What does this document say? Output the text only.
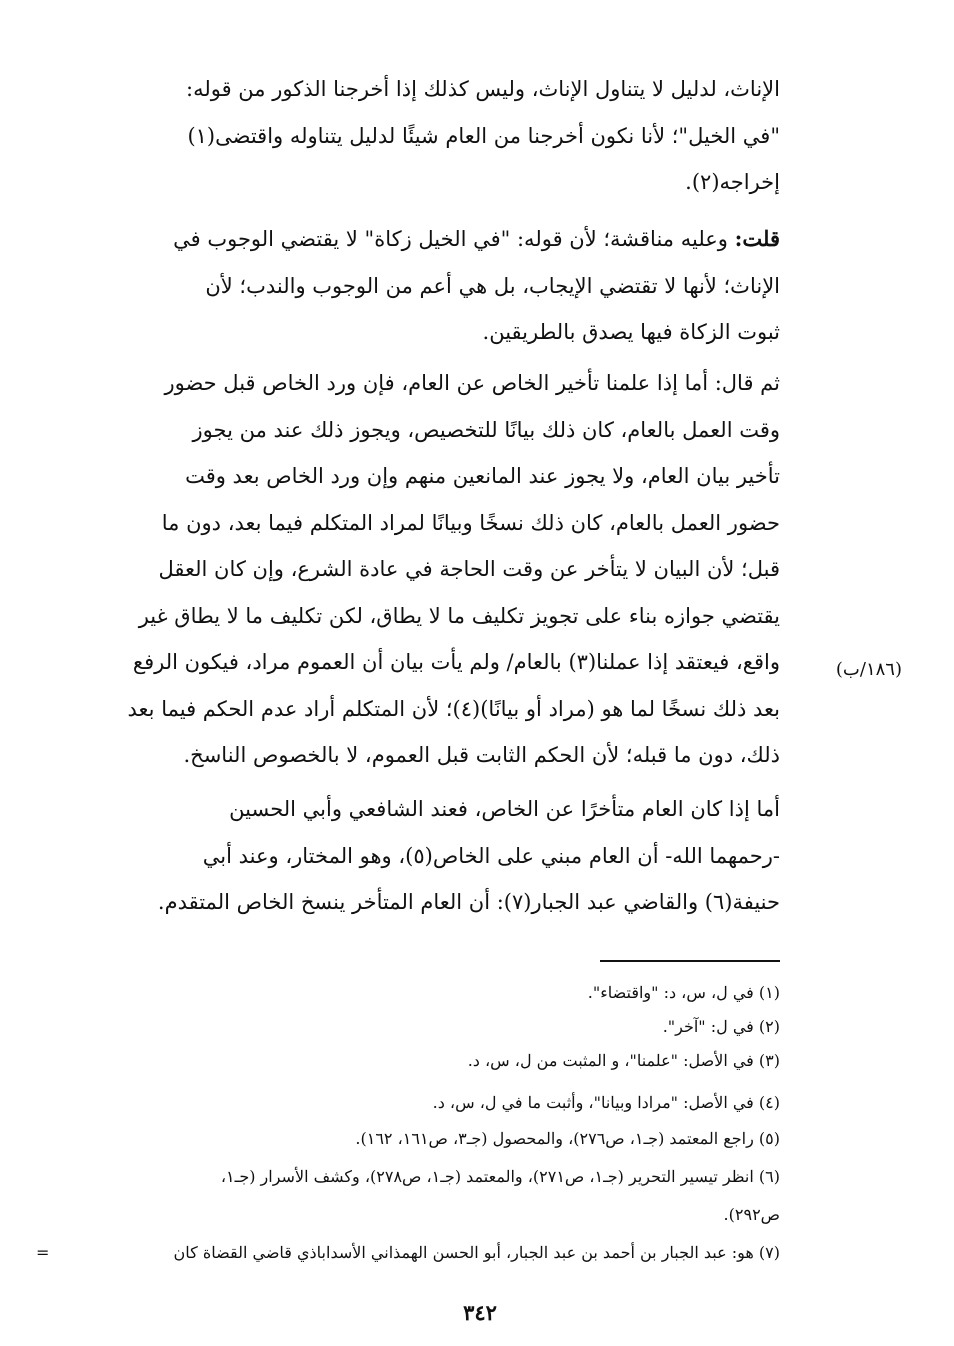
الإناث، لدليل لا يتناول الإناث، وليس كذلك إذا أخرجنا الذكور من قوله:
"في الخيل"؛ لأنا نكون أخرجنا من العام شيئًا لدليل يتناوله واقتضى(١)
إخراجه(٢).
قلت: وعليه مناقشة؛ لأن قوله: "في الخيل زكاة" لا يقتضي الوجوب في
الإناث؛ لأنها لا تقتضي الإيجاب، بل هي أعم من الوجوب والندب؛ لأن
ثبوت الزكاة فيها يصدق بالطريقين.
ثم قال: أما إذا علمنا تأخير الخاص عن العام، فإن ورد الخاص قبل حضور
وقت العمل بالعام، كان ذلك بيانًا للتخصيص، ويجوز ذلك عند من يجوز
تأخير بيان العام، ولا يجوز عند المانعين منهم وإن ورد الخاص بعد وقت
حضور العمل بالعام، كان ذلك نسخًا وبيانًا لمراد المتكلم فيما بعد، دون ما
قبل؛ لأن البيان لا يتأخر عن وقت الحاجة في عادة الشرع، وإن كان العقل
يقتضي جوازه بناء على تجويز تكليف ما لا يطاق، لكن تكليف ما لا يطاق غير
واقع، فيعتقد إذا عملنا(٣) بالعام/ ولم يأت بيان أن العموم مراد، فيكون الرفع
بعد ذلك نسخًا لما هو (مراد أو بيانًا)(٤)؛ لأن المتكلم أراد عدم الحكم فيما بعد
ذلك، دون ما قبله؛ لأن الحكم الثابت قبل العموم، لا بالخصوص الناسخ.
أما إذا كان العام متأخرًا عن الخاص، فعند الشافعي وأبي الحسين
-رحمهما الله- أن العام مبني على الخاص(٥)، وهو المختار، وعند أبي
حنيفة(٦) والقاضي عبد الجبار(٧): أن العام المتأخر ينسخ الخاص المتقدم.
(١٨٦/ب)
(١) في ل، س، د: "واقتضاء".
(٢) في ل: "آخر".
(٣) في الأصل: "علمنا"، و المثبت من ل، س، د.
(٤) في الأصل: "مرادا وبيانا"، وأثبت ما في ل، س، د.
(٥) راجع المعتمد (جـ١، ص٢٧٦)، والمحصول (جـ٣، ص١٦١، ١٦٢).
(٦) انظر تيسير التحرير (جـ١، ص٢٧١)، والمعتمد (جـ١، ص٢٧٨)، وكشف الأسرار (جـ١،
ص٢٩٢).
(٧) هو: عبد الجبار بن أحمد بن عبد الجبار، أبو الحسن الهمذاني الأسداباذي قاضي القضاة كان
=
٣٤٢
